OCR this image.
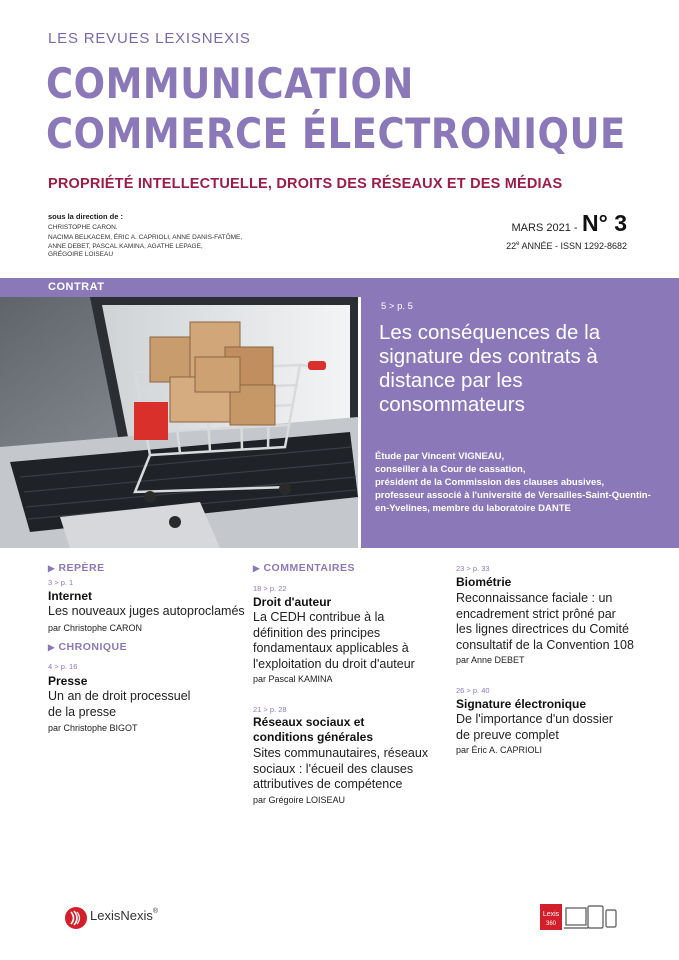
LES REVUES LEXISNEXIS
COMMUNICATION
COMMERCE ÉLECTRONIQUE
PROPRIÉTÉ INTELLECTUELLE, DROITS DES RÉSEAUX ET DES MÉDIAS
sous la direction de :
CHRISTOPHE CARON.
NACIMA BELKACEM, ÉRIC A. CAPRIOLI, ANNE DANIS-FATÔME,
ANNE DEBET, PASCAL KAMINA, AGATHE LEPAGE,
GRÉGOIRE LOISEAU
MARS 2021 - N° 3
22e ANNÉE - ISSN 1292-8682
CONTRAT
5 > p. 5
Les conséquences de la signature des contrats à distance par les consommateurs
Étude par Vincent VIGNEAU,
conseiller à la Cour de cassation,
président de la Commission des clauses abusives,
professeur associé à l'université de Versailles-Saint-Quentin-
en-Yvelines, membre du laboratoire DANTE
▶ REPÈRE
3 > p. 1
Internet
Les nouveaux juges autoproclamés
par Christophe CARON
▶ CHRONIQUE
4 > p. 16
Presse
Un an de droit processuel
de la presse
par Christophe BIGOT
▶ COMMENTAIRES
18 > p. 22
Droit d'auteur
La CEDH contribue à la
définition des principes
fondamentaux applicables à
l'exploitation du droit d'auteur
par Pascal KAMINA
21 > p. 28
Réseaux sociaux et
conditions générales
Sites communautaires, réseaux
sociaux : l'écueil des clauses
attributives de compétence
par Grégoire LOISEAU
23 > p. 33
Biométrie
Reconnaissance faciale : un
encadrement strict prôné par
les lignes directrices du Comité
consultatif de la Convention 108
par Anne DEBET
26 > p. 40
Signature électronique
De l'importance d'un dossier
de preuve complet
par Éric A. CAPRIOLI
LexisNexis®	Lexis
360
